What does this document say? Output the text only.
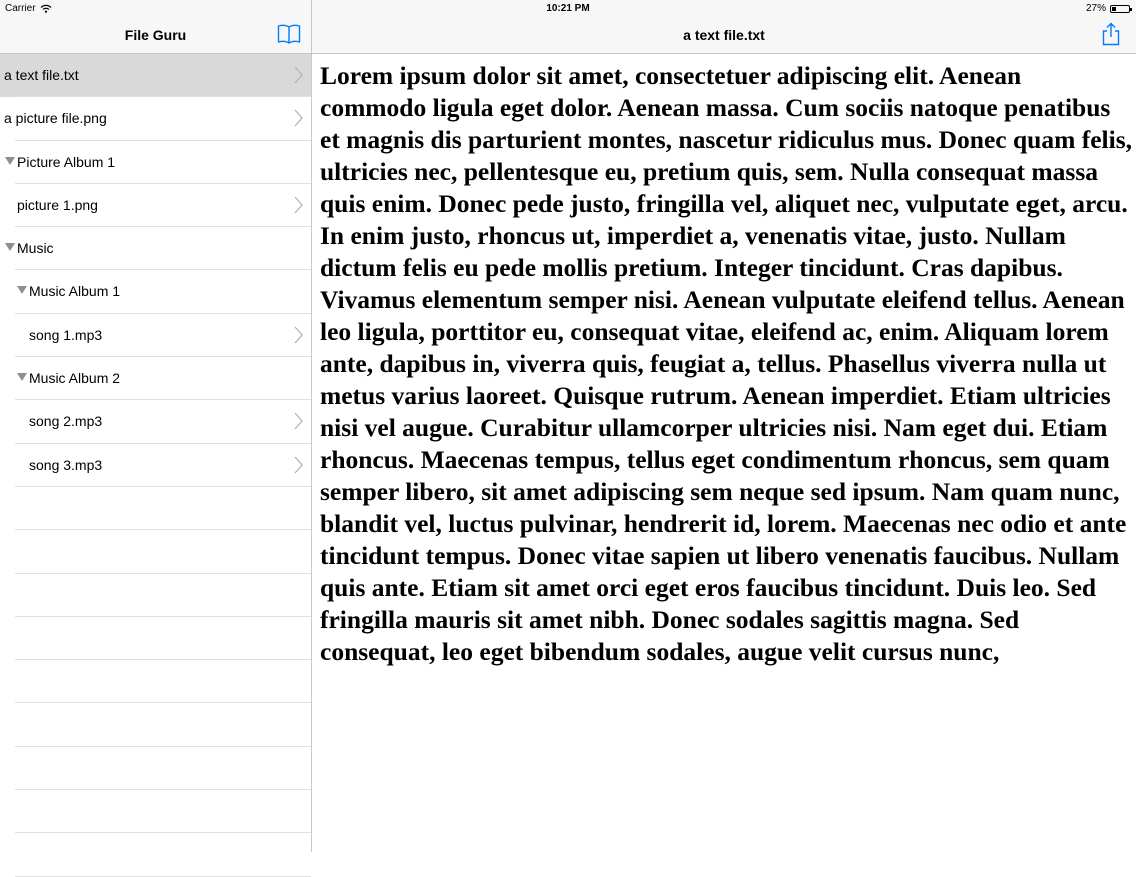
File Guru
a text file.txt
a picture file.png
Picture Album 1
picture 1.png
Music
Music Album 1
song 1.mp3
Music Album 2
song 2.mp3
song 3.mp3
a text file.txt
Lorem ipsum dolor sit amet, consectetuer adipiscing elit. Aenean commodo ligula eget dolor. Aenean massa. Cum sociis natoque penatibus et magnis dis parturient montes, nascetur ridiculus mus. Donec quam felis, ultricies nec, pellentesque eu, pretium quis, sem. Nulla consequat massa quis enim. Donec pede justo, fringilla vel, aliquet nec, vulputate eget, arcu. In enim justo, rhoncus ut, imperdiet a, venenatis vitae, justo. Nullam dictum felis eu pede mollis pretium. Integer tincidunt. Cras dapibus. Vivamus elementum semper nisi. Aenean vulputate eleifend tellus. Aenean leo ligula, porttitor eu, consequat vitae, eleifend ac, enim. Aliquam lorem ante, dapibus in, viverra quis, feugiat a, tellus. Phasellus viverra nulla ut metus varius laoreet. Quisque rutrum. Aenean imperdiet. Etiam ultricies nisi vel augue. Curabitur ullamcorper ultricies nisi. Nam eget dui. Etiam rhoncus. Maecenas tempus, tellus eget condimentum rhoncus, sem quam semper libero, sit amet adipiscing sem neque sed ipsum. Nam quam nunc, blandit vel, luctus pulvinar, hendrerit id, lorem. Maecenas nec odio et ante tincidunt tempus. Donec vitae sapien ut libero venenatis faucibus. Nullam quis ante. Etiam sit amet orci eget eros faucibus tincidunt. Duis leo. Sed fringilla mauris sit amet nibh. Donec sodales sagittis magna. Sed consequat, leo eget bibendum sodales, augue velit cursus nunc,
Carrier	10:21 PM	27%
